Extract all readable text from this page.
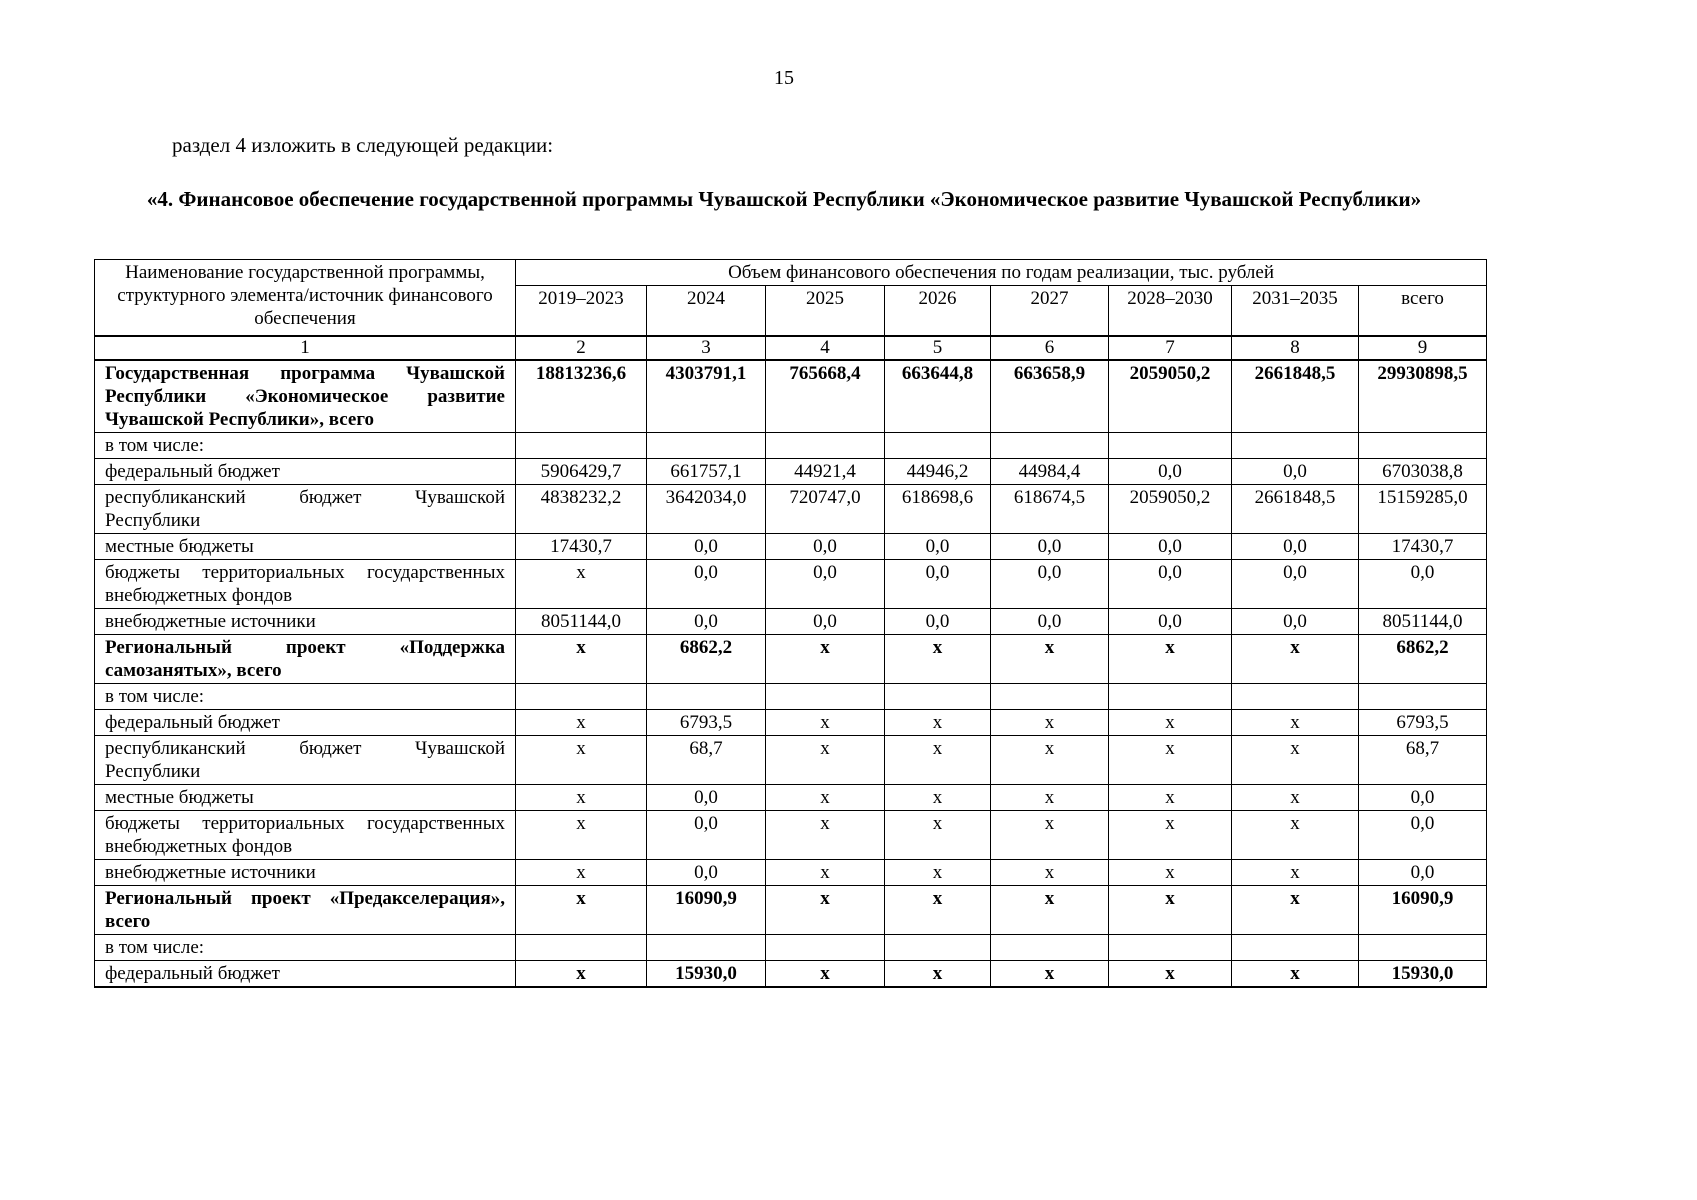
15
раздел 4 изложить в следующей редакции:
«4. Финансовое обеспечение государственной программы Чувашской Республики «Экономическое развитие Чувашской Республики»
Наименование государственной программы, структурного элемента/источник финансового обеспечения	Объем финансового обеспечения по годам реализации, тыс. рублей							
	2019–2023	2024	2025	2026	2027	2028–2030	2031–2035	всего
1	2	3	4	5	6	7	8	9
Государственная программа Чувашской Республики «Экономическое развитие Чувашской Республики», всего	18813236,6	4303791,1	765668,4	663644,8	663658,9	2059050,2	2661848,5	29930898,5
в том числе:								
федеральный бюджет	5906429,7	661757,1	44921,4	44946,2	44984,4	0,0	0,0	6703038,8
республиканский бюджет Чувашской Республики	4838232,2	3642034,0	720747,0	618698,6	618674,5	2059050,2	2661848,5	15159285,0
местные бюджеты	17430,7	0,0	0,0	0,0	0,0	0,0	0,0	17430,7
бюджеты территориальных государственных внебюджетных фондов	x	0,0	0,0	0,0	0,0	0,0	0,0	0,0
внебюджетные источники	8051144,0	0,0	0,0	0,0	0,0	0,0	0,0	8051144,0
Региональный проект «Поддержка самозанятых», всего	x	6862,2	x	x	x	x	x	6862,2
в том числе:								
федеральный бюджет	x	6793,5	x	x	x	x	x	6793,5
республиканский бюджет Чувашской Республики	x	68,7	x	x	x	x	x	68,7
местные бюджеты	x	0,0	x	x	x	x	x	0,0
бюджеты территориальных государственных внебюджетных фондов	x	0,0	x	x	x	x	x	0,0
внебюджетные источники	x	0,0	x	x	x	x	x	0,0
Региональный проект «Предакселерация», всего	x	16090,9	x	x	x	x	x	16090,9
в том числе:								
федеральный бюджет	x	15930,0	x	x	x	x	x	15930,0
